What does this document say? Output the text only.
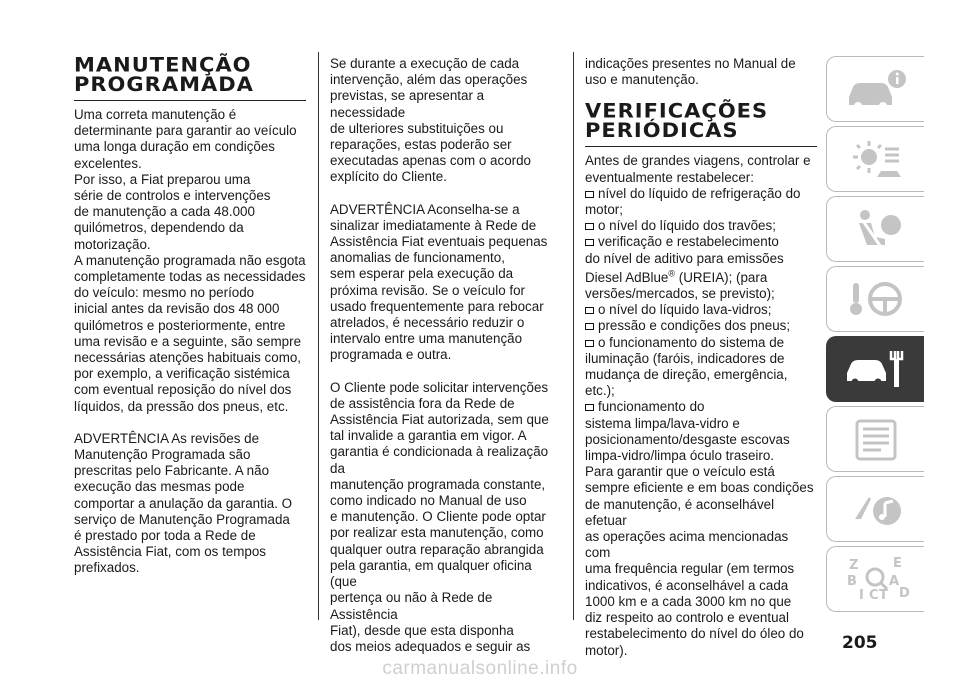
MANUTENÇÃO
PROGRAMADA

Uma correta manutenção é

determinante para garantir ao veículo

uma longa duração em condições

excelentes.

Por isso, a Fiat preparou uma

série de controlos e intervenções

de manutenção a cada 48.000

quilómetros, dependendo da

motorização.

A manutenção programada não esgota

completamente todas as necessidades

do veículo: mesmo no período

inicial antes da revisão dos 48 000

quilómetros e posteriormente, entre

uma revisão e a seguinte, são sempre

necessárias atenções habituais como,

por exemplo, a verificação sistémica

com eventual reposição do nível dos

líquidos, da pressão dos pneus, etc.

ADVERTÊNCIA As revisões de

Manutenção Programada são

prescritas pelo Fabricante. A não

execução das mesmas pode

comportar a anulação da garantia. O

serviço de Manutenção Programada

é prestado por toda a Rede de

Assistência Fiat, com os tempos

prefixados.

Se durante a execução de cada

intervenção, além das operações

previstas, se apresentar a necessidade

de ulteriores substituições ou

reparações, estas poderão ser

executadas apenas com o acordo

explícito do Cliente.

ADVERTÊNCIA Aconselha-se a

sinalizar imediatamente à Rede de

Assistência Fiat eventuais pequenas

anomalias de funcionamento,

sem esperar pela execução da

próxima revisão. Se o veículo for

usado frequentemente para rebocar

atrelados, é necessário reduzir o

intervalo entre uma manutenção

programada e outra.

O Cliente pode solicitar intervenções

de assistência fora da Rede de

Assistência Fiat autorizada, sem que

tal invalide a garantia em vigor. A

garantia é condicionada à realização da

manutenção programada constante,

como indicado no Manual de uso

e manutenção. O Cliente pode optar

por realizar esta manutenção, como

qualquer outra reparação abrangida

pela garantia, em qualquer oficina (que

pertença ou não à Rede de Assistência

Fiat), desde que esta disponha

dos meios adequados e seguir as

indicações presentes no Manual de

uso e manutenção.

VERIFICAÇÕES
PERIÓDICAS

Antes de grandes viagens, controlar e

eventualmente restabelecer:

nível do líquido de refrigeração do

motor;

o nível do líquido dos travões;

verificação e restabelecimento

do nível de aditivo para emissões

Diesel AdBlue® (UREIA); (para

versões/mercados, se previsto);

o nível do líquido lava-vidros;

pressão e condições dos pneus;

o funcionamento do sistema de

iluminação (faróis, indicadores de

mudança de direção, emergência,

etc.);

funcionamento do

sistema limpa/lava-vidro e

posicionamento/desgaste escovas

limpa-vidro/limpa óculo traseiro.

Para garantir que o veículo está

sempre eficiente e em boas condições

de manutenção, é aconselhável efetuar

as operações acima mencionadas com

uma frequência regular (em termos

indicativos, é aconselhável a cada

1000 km e a cada 3000 km no que

diz respeito ao controlo e eventual

restabelecimento do nível do óleo do

motor).

Z	E
B A
I C T D
205
carmanualsonline.info
